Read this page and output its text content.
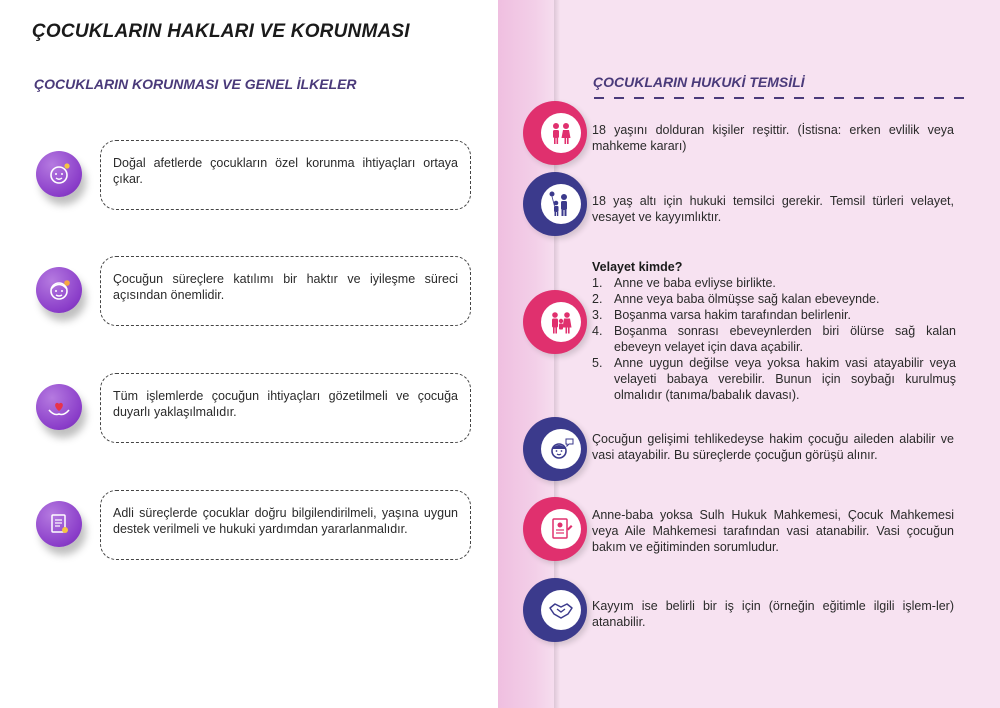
ÇOCUKLARIN HAKLARI VE KORUNMASI
ÇOCUKLARIN KORUNMASI VE GENEL İLKELER
Doğal afetlerde çocukların özel korunma ihtiyaçları ortaya çıkar.
Çocuğun süreçlere katılımı bir haktır ve iyileşme süreci açısından önemlidir.
Tüm işlemlerde çocuğun ihtiyaçları gözetilmeli ve çocuğa duyarlı yaklaşılmalıdır.
Adli süreçlerde çocuklar doğru bilgilendirilmeli, yaşına uygun destek verilmeli ve hukuki yardımdan yararlanmalıdır.
ÇOCUKLARIN HUKUKİ TEMSİLİ
18 yaşını dolduran kişiler reşittir. (İstisna: erken evlilik veya mahkeme kararı)
18 yaş altı için hukuki temsilci gerekir. Temsil türleri velayet, vesayet ve kayyımlıktır.
Velayet kimde?
1. Anne ve baba evliyse birlikte.
2. Anne veya baba ölmüşse sağ kalan ebeveynde.
3. Boşanma varsa hakim tarafından belirlenir.
4. Boşanma sonrası ebeveynlerden biri ölürse sağ kalan ebeveyn velayet için dava açabilir.
5. Anne uygun değilse veya yoksa hakim vasi atayabilir veya velayeti babaya verebilir. Bunun için soybağı kurulmuş olmalıdır (tanıma/babalık davası).
Çocuğun gelişimi tehlikedeyse hakim çocuğu aileden alabilir ve vasi atayabilir. Bu süreçlerde çocuğun görüşü alınır.
Anne-baba yoksa Sulh Hukuk Mahkemesi, Çocuk Mahkemesi veya Aile Mahkemesi tarafından vasi atanabilir. Vasi çocuğun bakım ve eğitiminden sorumludur.
Kayyım ise belirli bir iş için (örneğin eğitimle ilgili işlem-ler) atanabilir.
